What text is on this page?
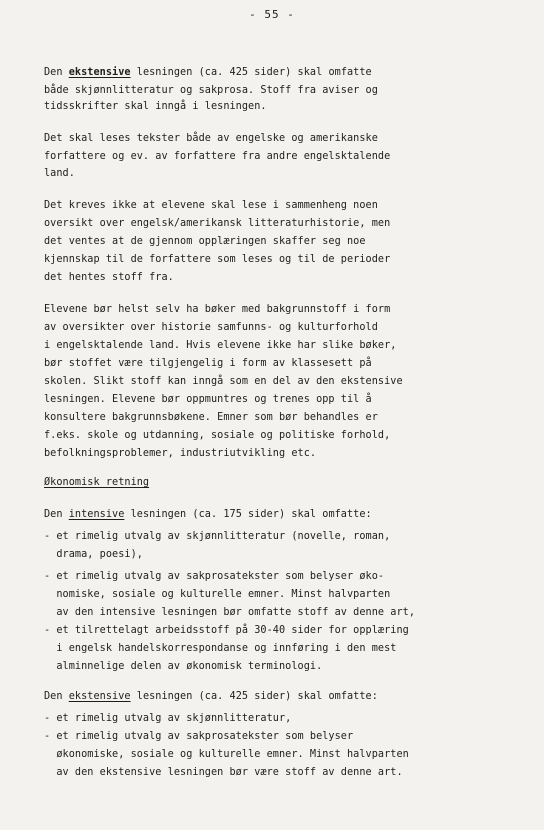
- 55 -
Den ekstensive lesningen (ca. 425 sider) skal omfatte
både skjønnlitteratur og sakprosa. Stoff fra aviser og
tidsskrifter skal inngå i lesningen.
Det skal leses tekster både av engelske og amerikanske
forfattere og ev. av forfattere fra andre engelsktalende
land.
Det kreves ikke at elevene skal lese i sammenheng noen
oversikt over engelsk/amerikansk litteraturhistorie, men
det ventes at de gjennom opplæringen skaffer seg noe
kjennskap til de forfattere som leses og til de perioder
det hentes stoff fra.
Elevene bør helst selv ha bøker med bakgrunnstoff i form
av oversikter over historie samfunns- og kulturforhold
i engelsktalende land. Hvis elevene ikke har slike bøker,
bør stoffet være tilgjengelig i form av klassesett på
skolen. Slikt stoff kan inngå som en del av den ekstensive
lesningen. Elevene bør oppmuntres og trenes opp til å
konsultere bakgrunnsbøkene. Emner som bør behandles er
f.eks. skole og utdanning, sosiale og politiske forhold,
befolkningsproblemer, industriutvikling etc.
Økonomisk retning
Den intensive lesningen (ca. 175 sider) skal omfatte:
- et rimelig utvalg av skjønnlitteratur (novelle, roman,
drama, poesi),
- et rimelig utvalg av sakprosatekster som belyser øko-
nomiske, sosiale og kulturelle emner. Minst halvparten
av den intensive lesningen bør omfatte stoff av denne art,
- et tilrettelagt arbeidsstoff på 30-40 sider for opplæring
i engelsk handelskorrespondanse og innføring i den mest
alminnelige delen av økonomisk terminologi.
Den ekstensive lesningen (ca. 425 sider) skal omfatte:
- et rimelig utvalg av skjønnlitteratur,
- et rimelig utvalg av sakprosatekster som belyser
økonomiske, sosiale og kulturelle emner. Minst halvparten
av den ekstensive lesningen bør være stoff av denne art.
